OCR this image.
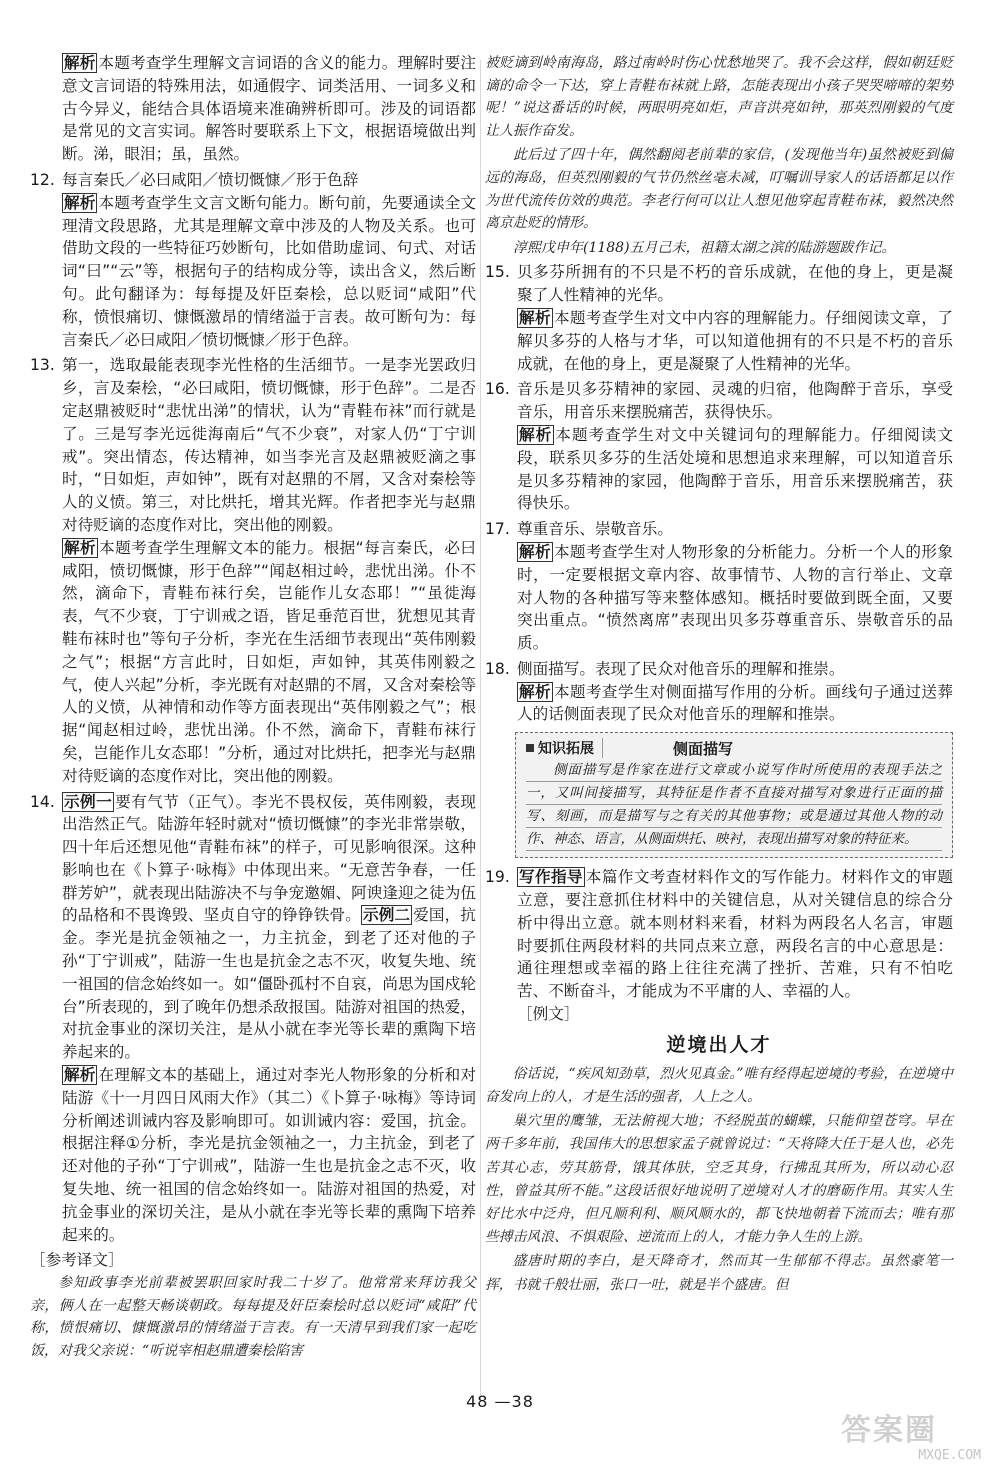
解析 本题考查学生理解文言词语的含义的能力。理解时要注意文言词语的特殊用法，如通假字、词类活用、一词多义和古今异义，能结合具体语境来准确辨析即可。涉及的词语都是常见的文言实词。解答时要联系上下文，根据语境做出判断。涕，眼泪；虽，虽然。
12. 每言秦氏／必曰咸阳／愤切慨慷／形于色辞
解析 本题考查学生文言文断句能力。断句前，先要通读全文理清文段思路，尤其是理解文章中涉及的人物及关系。也可借助文段的一些特征巧妙断句，比如借助虚词、句式、对话词“曰”“云”等，根据句子的结构成分等，读出含义，然后断句。此句翻译为：每每提及奸臣秦桧，总以贬词“咸阳”代称，愤恨痛切、慷慨激昂的情绪溢于言表。故可断句为：每言秦氏／必曰咸阳／愤切慨慷／形于色辞。
13. 第一，选取最能表现李光性格的生活细节。一是李光罢政归乡，言及秦桧，“必曰咸阳，愤切慨慷，形于色辞”。二是否定赵鼎被贬时“悲忧出涕”的情状，认为“青鞋布袜”而行就是了。三是写李光远徙海南后“气不少衰”，对家人仍“丁宁训戒”。突出情态，传达精神，如当李光言及赵鼎被贬滴之事时，“日如炬，声如钟”，既有对赵鼎的不屑，又含对秦桧等人的义愤。第三，对比烘托，增其光辉。作者把李光与赵鼎对待贬谪的态度作对比，突出他的刚毅。
解析 本题考查学生理解文本的能力。根据“每言秦氏，必曰咸阳，愤切慨慷，形于色辞”“闻赵相过岭，悲忧出涕。仆不然，滴命下，青鞋布袜行矣，岂能作儿女态耶！”“虽徙海表，气不少衰，丁宁训戒之语，皆足垂范百世，犹想见其青鞋布袜时也”等句子分析，李光在生活细节表现出“英伟刚毅之气”；根据“方言此时，日如炬，声如钟，其英伟刚毅之气，使人兴起”分析，李光既有对赵鼎的不屑，又含对秦桧等人的义愤，从神情和动作等方面表现出“英伟刚毅之气”；根据“闻赵相过岭，悲忧出涕。仆不然，滴命下，青鞋布袜行矣，岂能作儿女态耶！”分析，通过对比烘托，把李光与赵鼎对待贬谪的态度作对比，突出他的刚毅。
14. 示例一 要有气节（正气）。李光不畏权佞，英伟刚毅，表现出浩然正气。陆游年轻时就对“愤切慨慷”的李光非常崇敬，四十年后还想见他“青鞋布袜”的样子，可见影响很深。这种影响也在《卜算子·咏梅》中体现出来。“无意苦争春，一任群芳妒”，就表现出陆游决不与争宠邀媚、阿谀逢迎之徒为伍的品格和不畏谗毁、坚贞自守的铮铮铁骨。 示例二 爱国，抗金。李光是抗金领袖之一，力主抗金，到老了还对他的子孙“丁宁训戒”，陆游一生也是抗金之志不灭，收复失地、统一祖国的信念始终如一。如“僵卧孤村不自哀，尚思为国戍轮台”所表现的，到了晚年仍想杀敌报国。陆游对祖国的热爱，对抗金事业的深切关注，是从小就在李光等长辈的熏陶下培养起来的。
解析 在理解文本的基础上，通过对李光人物形象的分析和对陆游《十一月四日风雨大作》（其二）《卜算子·咏梅》等诗词分析阐述训诫内容及影响即可。如训诫内容：爱国，抗金。根据注释①分析，李光是抗金领袖之一，力主抗金，到老了还对他的子孙“丁宁训戒”，陆游一生也是抗金之志不灭，收复失地、统一祖国的信念始终如一。陆游对祖国的热爱，对抗金事业的深切关注，是从小就在李光等长辈的熏陶下培养起来的。
［参考译文］

参知政事李光前辈被罢职回家时我二十岁了。他常常来拜访我父亲，俩人在一起整天畅谈朝政。每每提及奸臣秦桧时总以贬词“咸阳”代称，愤恨痛切、慷慨激昂的情绪溢于言表。有一天清早到我们家一起吃饭，对我父亲说：“听说宰相赵鼎遭秦桧陷害

被贬谪到岭南海岛，路过南岭时伤心忧愁地哭了。我不会这样，假如朝廷贬谪的命令一下达，穿上青鞋布袜就上路，怎能表现出小孩子哭哭啼啼的架势呢！”说这番话的时候，两眼明亮如炬，声音洪亮如钟，那英烈刚毅的气度让人振作奋发。

此后过了四十年，偶然翻阅老前辈的家信，(发现他当年)虽然被贬到偏远的海岛，但英烈刚毅的气节仍然丝毫未减，叮嘱训导家人的话语都足以作为世代流传仿效的典范。李老行何可以让人想见他穿起青鞋布袜，毅然决然离京赴贬的情形。

淳熙戊申年(1188)五月己未，祖籍太湖之滨的陆游题跋作记。

15. 贝多芬所拥有的不只是不朽的音乐成就，在他的身上，更是凝聚了人性精神的光华。
解析 本题考查学生对文中内容的理解能力。仔细阅读文章，了解贝多芬的人格与才华，可以知道他拥有的不只是不朽的音乐成就，在他的身上，更是凝聚了人性精神的光华。
16. 音乐是贝多芬精神的家园、灵魂的归宿，他陶醉于音乐，享受音乐，用音乐来摆脱痛苦，获得快乐。
解析 本题考查学生对文中关键词句的理解能力。仔细阅读文段，联系贝多芬的生活处境和思想追求来理解，可以知道音乐是贝多芬精神的家园，他陶醉于音乐，用音乐来摆脱痛苦，获得快乐。
17. 尊重音乐、崇敬音乐。
解析 本题考查学生对人物形象的分析能力。分析一个人的形象时，一定要根据文章内容、故事情节、人物的言行举止、文章对人物的各种描写等来整体感知。概括时要做到既全面，又要突出重点。“愤然离席”表现出贝多芬尊重音乐、崇敬音乐的品质。
18. 侧面描写。表现了民众对他音乐的理解和推崇。
解析 本题考查学生对侧面描写作用的分析。画线句子通过送葬人的话侧面表现了民众对他音乐的理解和推崇。
知识拓展	侧面描写
侧面描写是作家在进行文章或小说写作时所使用的表现手法之一，又叫间接描写，其特征是作者不直接对描写对象进行正面的描写、刻画，而是描写与之有关的其他事物；或是通过其他人物的动作、神态、语言，从侧面烘托、映衬，表现出描写对象的特征来。
19. 写作指导 本篇作文考查材料作文的写作能力。材料作文的审题立意，要注意抓住材料中的关键信息，从对关键信息的综合分析中得出立意。就本则材料来看，材料为两段名人名言，审题时要抓住两段材料的共同点来立意，两段名言的中心意思是：通往理想或幸福的路上往往充满了挫折、苦难，只有不怕吃苦、不断奋斗，才能成为不平庸的人、幸福的人。
［例文］
逆境出人才

俗话说，“疾风知劲草，烈火见真金。”唯有经得起逆境的考验，在逆境中奋发向上的人，才是生活的强者，人上之人。

巢穴里的鹰雏，无法俯视大地；不经脱茧的蝴蝶，只能仰望苍穹。早在两千多年前，我国伟大的思想家孟子就曾说过：“天将降大任于是人也，必先苦其心志，劳其筋骨，饿其体肤，空乏其身，行拂乱其所为，所以动心忍性，曾益其所不能。”这段话很好地说明了逆境对人才的磨砺作用。其实人生好比水中泛舟，但凡顺利利、顺风顺水的，都飞快地朝着下流而去；唯有那些搏击风浪、不惧艰险、逆流而上的人，才能力争人生的上游。

盛唐时期的李白，是天降奇才，然而其一生郁郁不得志。虽然豪笔一挥，书就千般壮丽，张口一吐，就是半个盛唐。但

48 —38
答案圈
MXQE.COM
